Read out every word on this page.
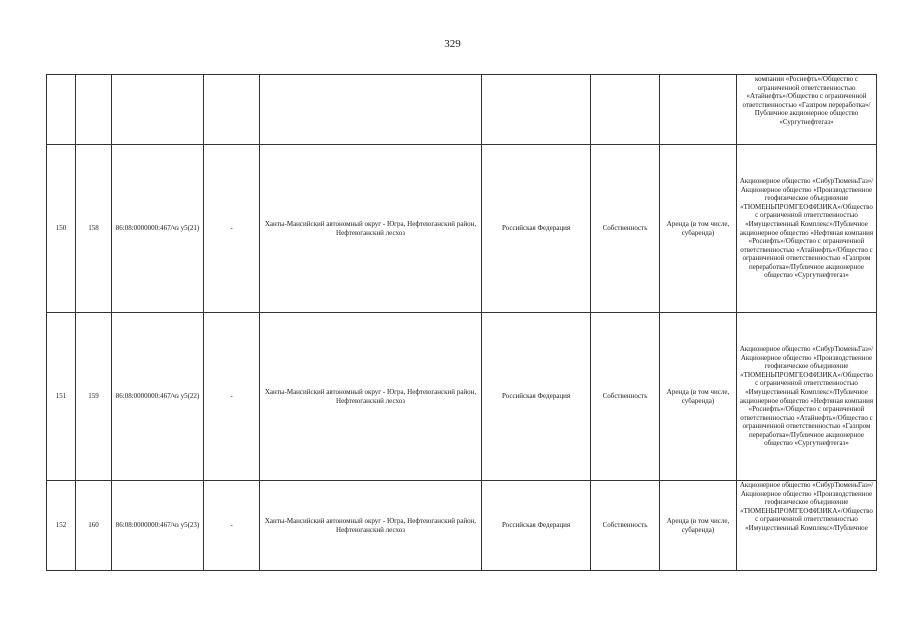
329

								компании «Роснефть»/Общество с ограниченной ответственностью «Атайнефть»/Общество с ограниченной ответственностью «Газпром переработка»/Публичное акционерное общество «Сургутнефтегаз»

150	158	86:08:0000000:467/чз у5(21)	-	Ханты-Мансийский автономный округ - Югра, Нефтеюганский район, Нефтеюганский лесхоз	Российская Федерация	Собственность	Аренда (в том числе, субаренда)	Акционерное общество «СибурТюменьГаз»/Акционерное общество «Производственное геофизическое объединение «ТЮМЕНЬПРОМГЕОФИЗИКА»/Общество с ограниченной ответственностью «Имущественный Комплекс»/Публичное акционерное общество «Нефтяная компания «Роснефть»/Общество с ограниченной ответственностью «Атайнефть»/Общество с ограниченной ответственностью «Газпром переработка»/Публичное акционерное общество «Сургутнефтегаз»

151	159	86:08:0000000:467/чз у5(22)	-	Ханты-Мансийский автономный округ - Югра, Нефтеюганский район, Нефтеюганский лесхоз	Российская Федерация	Собственность	Аренда (в том числе, субаренда)	Акционерное общество «СибурТюменьГаз»/Акционерное общество «Производственное геофизическое объединение «ТЮМЕНЬПРОМГЕОФИЗИКА»/Общество с ограниченной ответственностью «Имущественный Комплекс»/Публичное акционерное общество «Нефтяная компания «Роснефть»/Общество с ограниченной ответственностью «Атайнефть»/Общество с ограниченной ответственностью «Газпром переработка»/Публичное акционерное общество «Сургутнефтегаз»

152	160	86:08:0000000:467/чз у5(23)	-	Ханты-Мансийский автономный округ - Югра, Нефтеюганский район, Нефтеюганский лесхоз	Российская Федерация	Собственность	Аренда (в том числе, субаренда)	Акционерное общество «СибурТюменьГаз»/Акционерное общество «Производственное геофизическое объединение «ТЮМЕНЬПРОМГЕОФИЗИКА»/Общество с ограниченной ответственностью «Имущественный Комплекс»/Публичное
